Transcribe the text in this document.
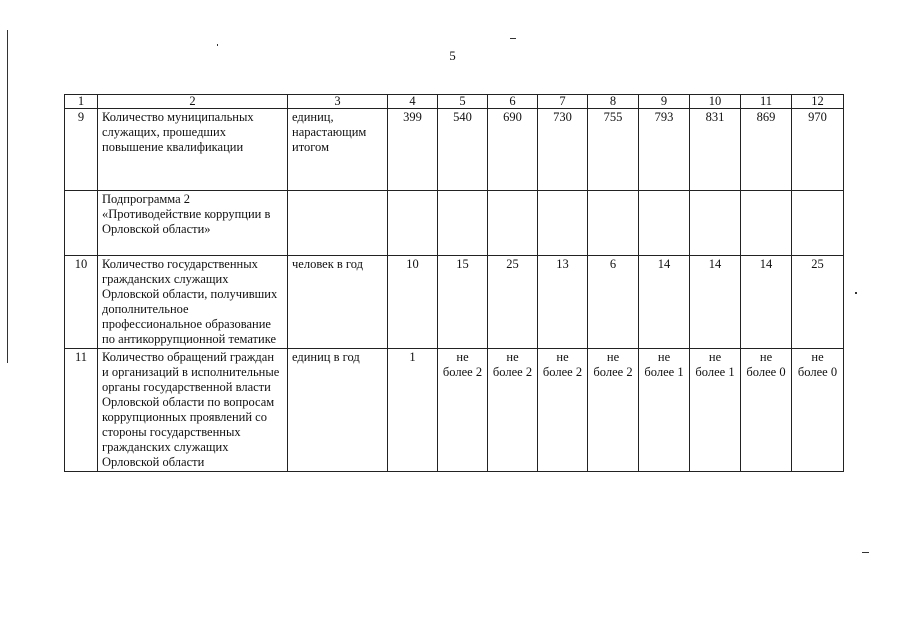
5
1	2	3	4	5	6	7	8	9	10	11	12
9	Количество муниципальных служащих, прошедших повышение квалификации	единиц, нарастающим итогом	399	540	690	730	755	793	831	869	970
	Подпрограмма 2 «Противодействие коррупции в Орловской области»										
10	Количество государственных гражданских служащих Орловской области, получивших дополнительное профессиональное образование по антикоррупционной тематике	человек в год	10	15	25	13	6	14	14	14	25
11	Количество обращений граждан и организаций в исполнительные органы государственной власти Орловской области по вопросам коррупционных проявлений со стороны государственных гражданских служащих Орловской области	единиц в год	1	не более 2	не более 2	не более 2	не более 2	не более 1	не более 1	не более 0	не более 0
